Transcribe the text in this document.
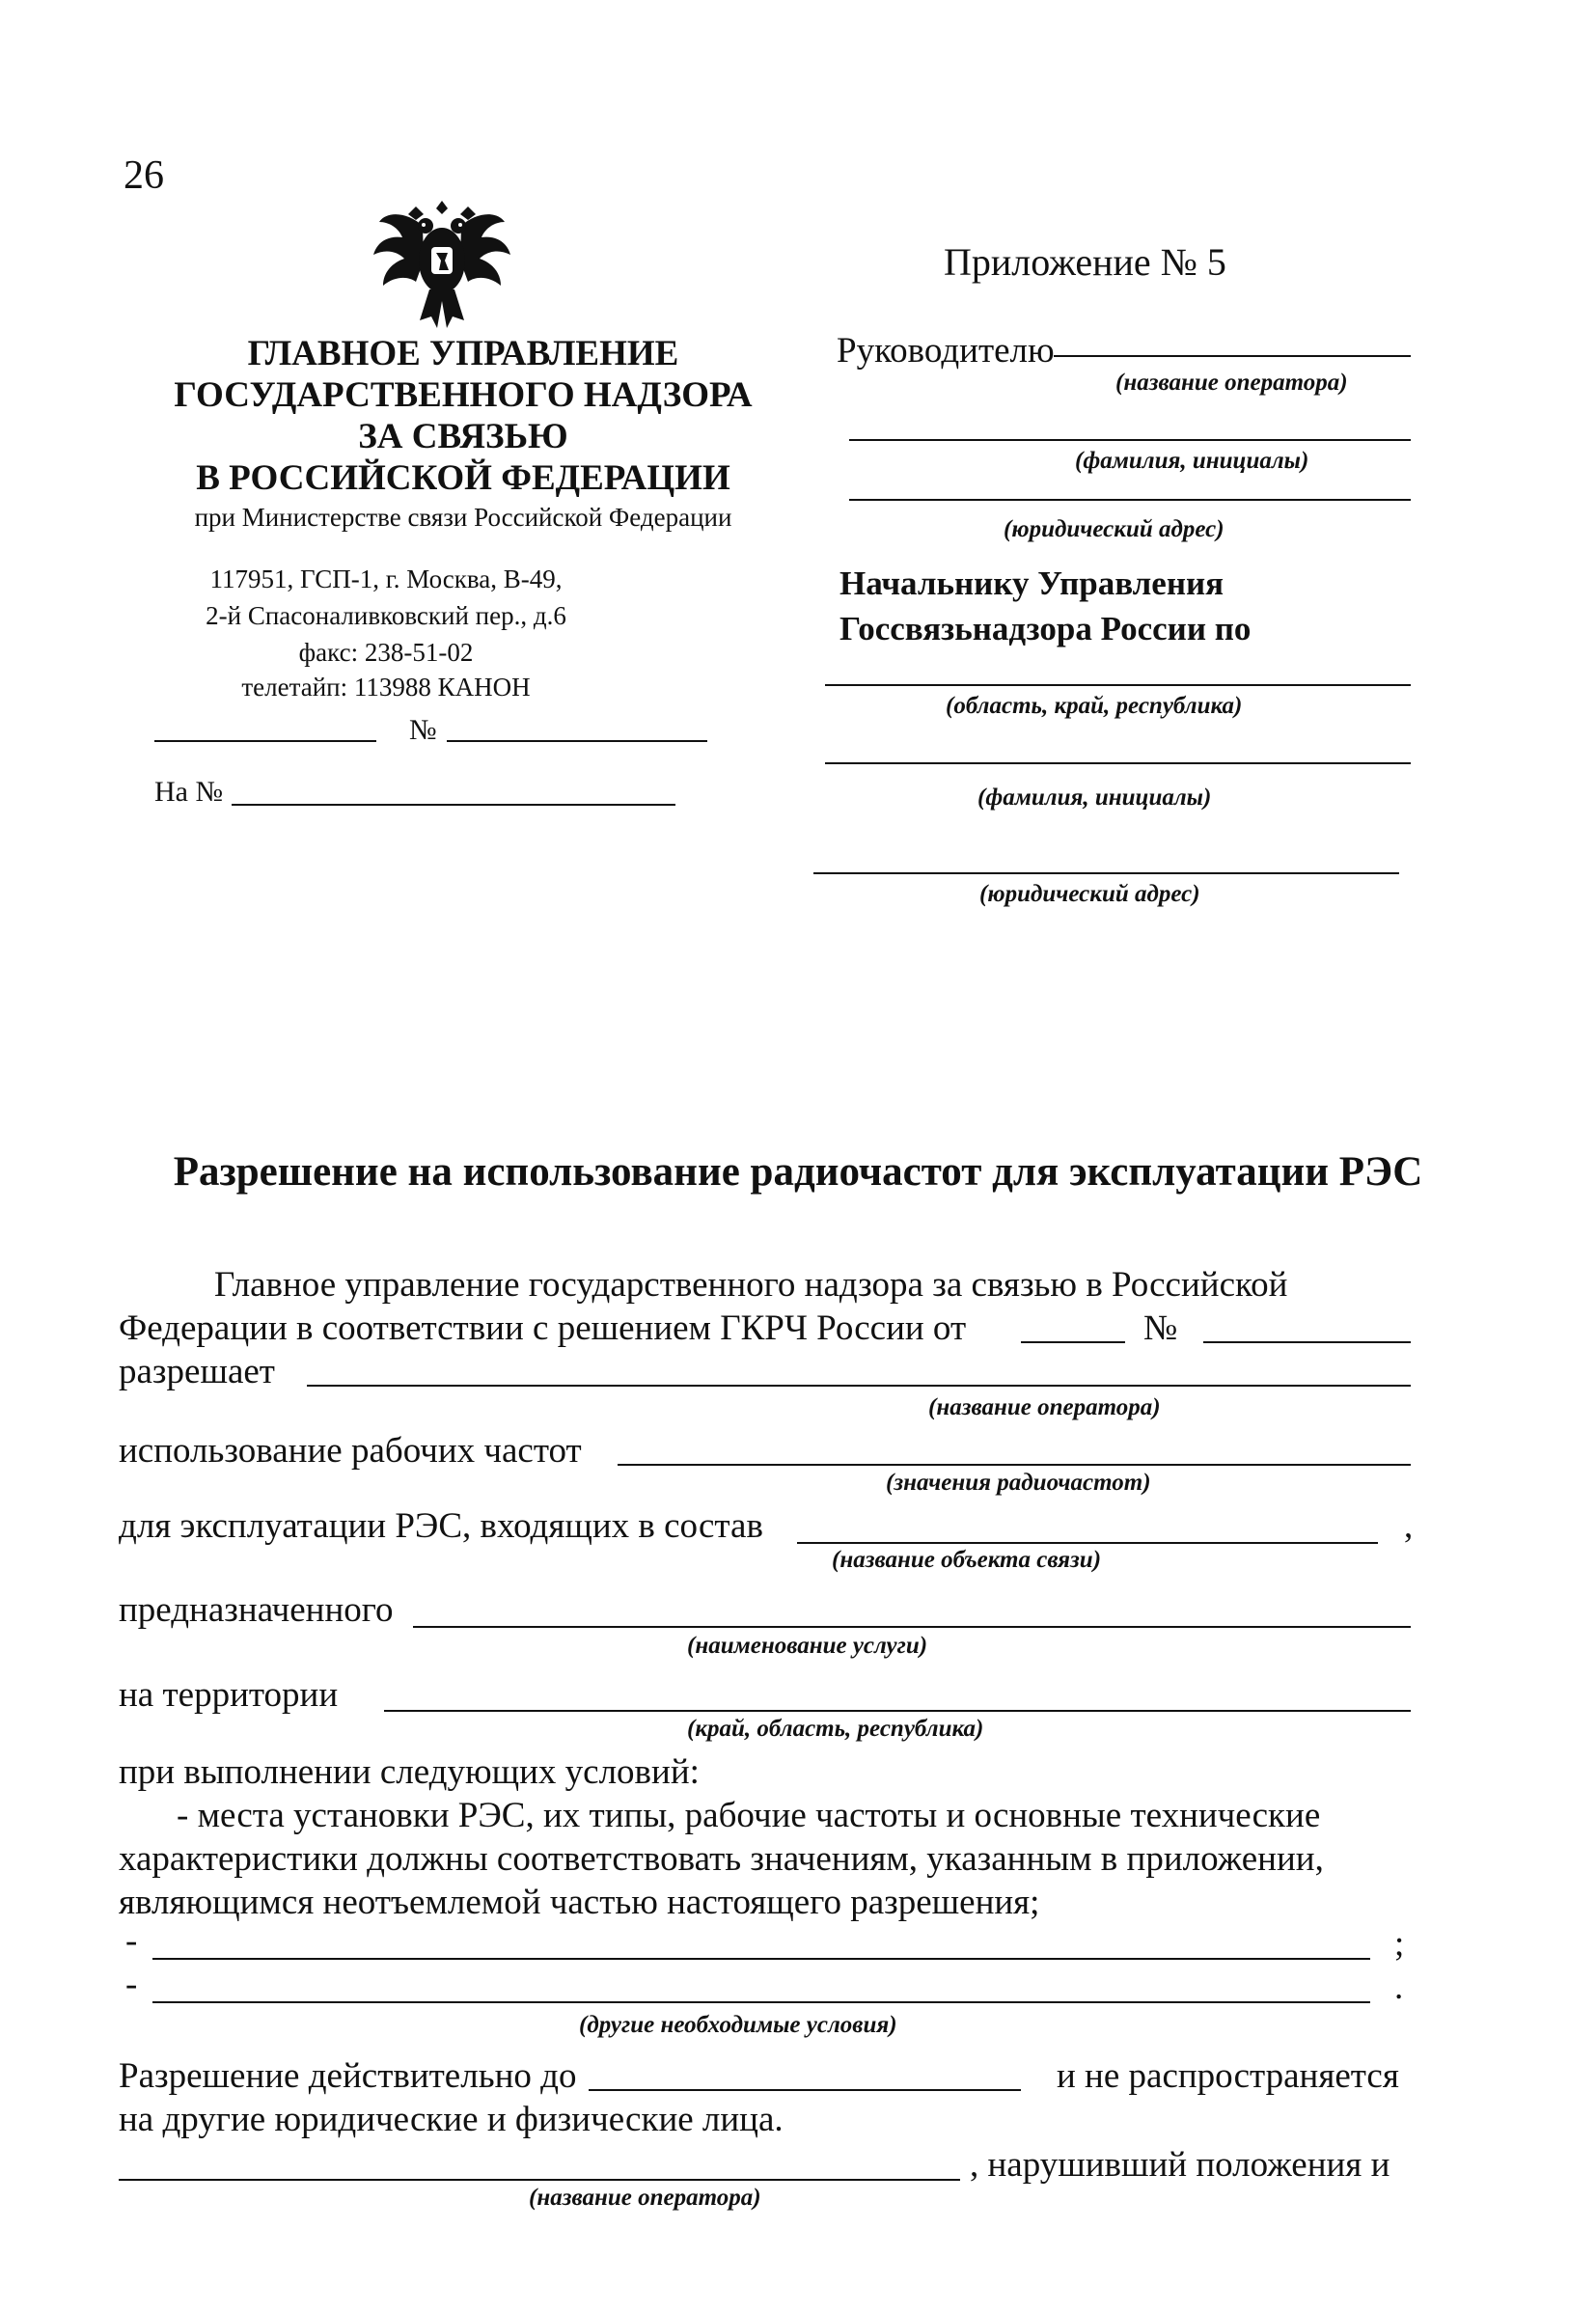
26
ГЛАВНОЕ УПРАВЛЕНИЕ
ГОСУДАРСТВЕННОГО НАДЗОРА
ЗА СВЯЗЬЮ
В РОССИЙСКОЙ ФЕДЕРАЦИИ
при Министерстве связи Российской Федерации
117951, ГСП-1, г. Москва, В-49,
2-й Спасоналивковский пер., д.6
факс: 238-51-02
телетайп: 113988 КАНОН
№
На №
Приложение № 5
Руководителю
(название оператора)
(фамилия, инициалы)
(юридический адрес)
Начальнику Управления
Госсвязьнадзора России по
(область, край, республика)
(фамилия, инициалы)
(юридический адрес)
Разрешение на использование радиочастот для эксплуатации РЭС
Главное управление государственного надзора за связью в Российской
Федерации в соответствии с решением ГКРЧ России от	№
разрешает
(название оператора)
использование рабочих частот
(значения радиочастот)
для эксплуатации РЭС, входящих в состав	,
(название объекта связи)
предназначенного
(наименование услуги)
на территории
(край, область, республика)
при выполнении следующих условий:
- места установки РЭС, их типы, рабочие частоты и основные технические
характеристики должны соответствовать значениям, указанным в приложении,
являющимся неотъемлемой частью настоящего разрешения;
-	;
-	.
(другие необходимые условия)
Разрешение действительно до	и не распространяется
на другие юридические и физические лица.
, нарушивший положения и
(название оператора)
